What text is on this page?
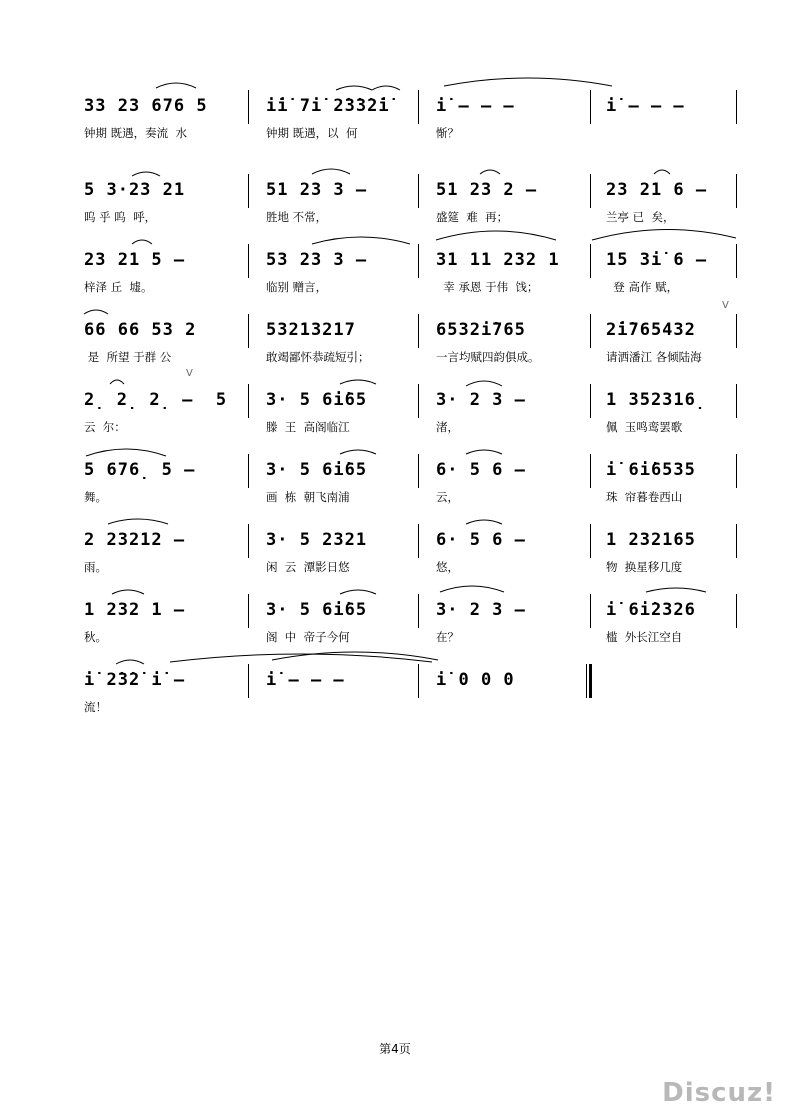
33 23 676 5
钟期 既遇，奏流  水
i̇i̇ 7i̇ 2̇3̇3̇2̇i̇
钟期 既遇，以  何
i̇ – – –
惭？
i̇ – – –
5 3·23 21
呜 乎 呜  呼，
51 23 3 –
胜地 不常，
51 23 2 –
盛筵  难  再；
23 21 6 –
兰亭 已  矣，
23 21 5 –
梓泽 丘  墟。
53 23 3 –
临别 赠言，
31 11 232 1
幸 承恩 于伟  饯；
15 3i̇ 6 –
登 高作 赋，
66 66 53 2
是  所望 于群 公
53213217
敢竭鄙怀恭疏短引；
6532i̇765
一言均赋四韵俱成。
2̇i̇765432
请洒潘江 各倾陆海
2̣ 2̣ 2̣ –  5
云  尔：
3· 5 6i̇65
滕  王  高阁临江
3· 2 3 –
渚，
1 352316̣
佩  玉鸣鸾罢歌
5 676̣ 5 –
舞。
3· 5 6i̇65
画  栋  朝飞南浦
6· 5 6 –
云，
i̇ 6i̇6535
珠  帘暮卷西山
2 23212 –
雨。
3· 5 2321
闲  云  潭影日悠
6· 5 6 –
悠，
1 232165
物  换星移几度
1 232 1 –
秋。
3· 5 6i̇65
阁  中  帝子今何
3· 2 3 –
在？
i̇ 6i̇2326
槛  外长江空自
i̇ 2̇3̇2̇ i̇ –
流！
i̇ – – –	i̇ 0 0 0
V
V
第4页
Discuz!
